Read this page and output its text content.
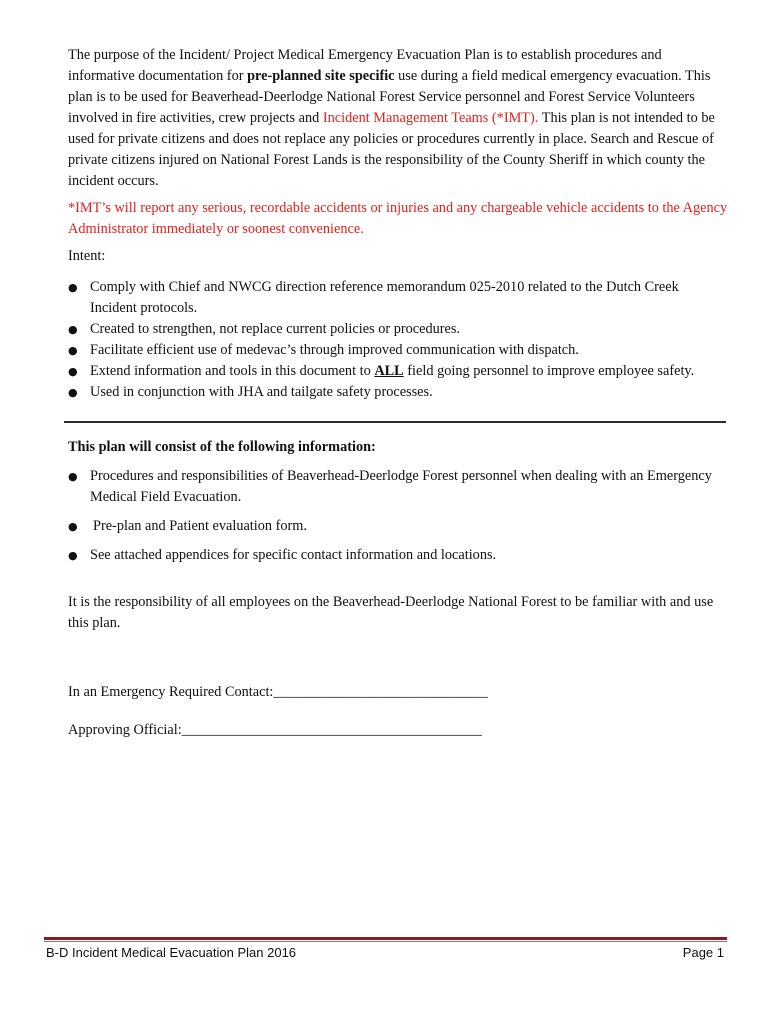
The purpose of the Incident/ Project Medical Emergency Evacuation Plan is to establish procedures and informative documentation for pre-planned site specific use during a field medical emergency evacuation. This plan is to be used for Beaverhead-Deerlodge National Forest Service personnel and Forest Service Volunteers involved in fire activities, crew projects and Incident Management Teams (*IMT). This plan is not intended to be used for private citizens and does not replace any policies or procedures currently in place. Search and Rescue of private citizens injured on National Forest Lands is the responsibility of the County Sheriff in which county the incident occurs.

*IMT’s will report any serious, recordable accidents or injuries and any chargeable vehicle accidents to the Agency Administrator immediately or soonest convenience.

Intent:

● Comply with Chief and NWCG direction reference memorandum 025-2010 related to the Dutch Creek Incident protocols.
● Created to strengthen, not replace current policies or procedures.
● Facilitate efficient use of medevac’s through improved communication with dispatch.
● Extend information and tools in this document to ALL field going personnel to improve employee safety.
● Used in conjunction with JHA and tailgate safety processes.

This plan will consist of the following information:

● Procedures and responsibilities of Beaverhead-Deerlodge Forest personnel when dealing with an Emergency Medical Field Evacuation.
●	Pre-plan and Patient evaluation form.
● See attached appendices for specific contact information and locations.

It is the responsibility of all employees on the Beaverhead-Deerlodge National Forest to be familiar with and use this plan.

In an Emergency Required Contact:______________________________

Approving Official:__________________________________________

B-D Incident Medical Evacuation Plan 2016	Page 1
